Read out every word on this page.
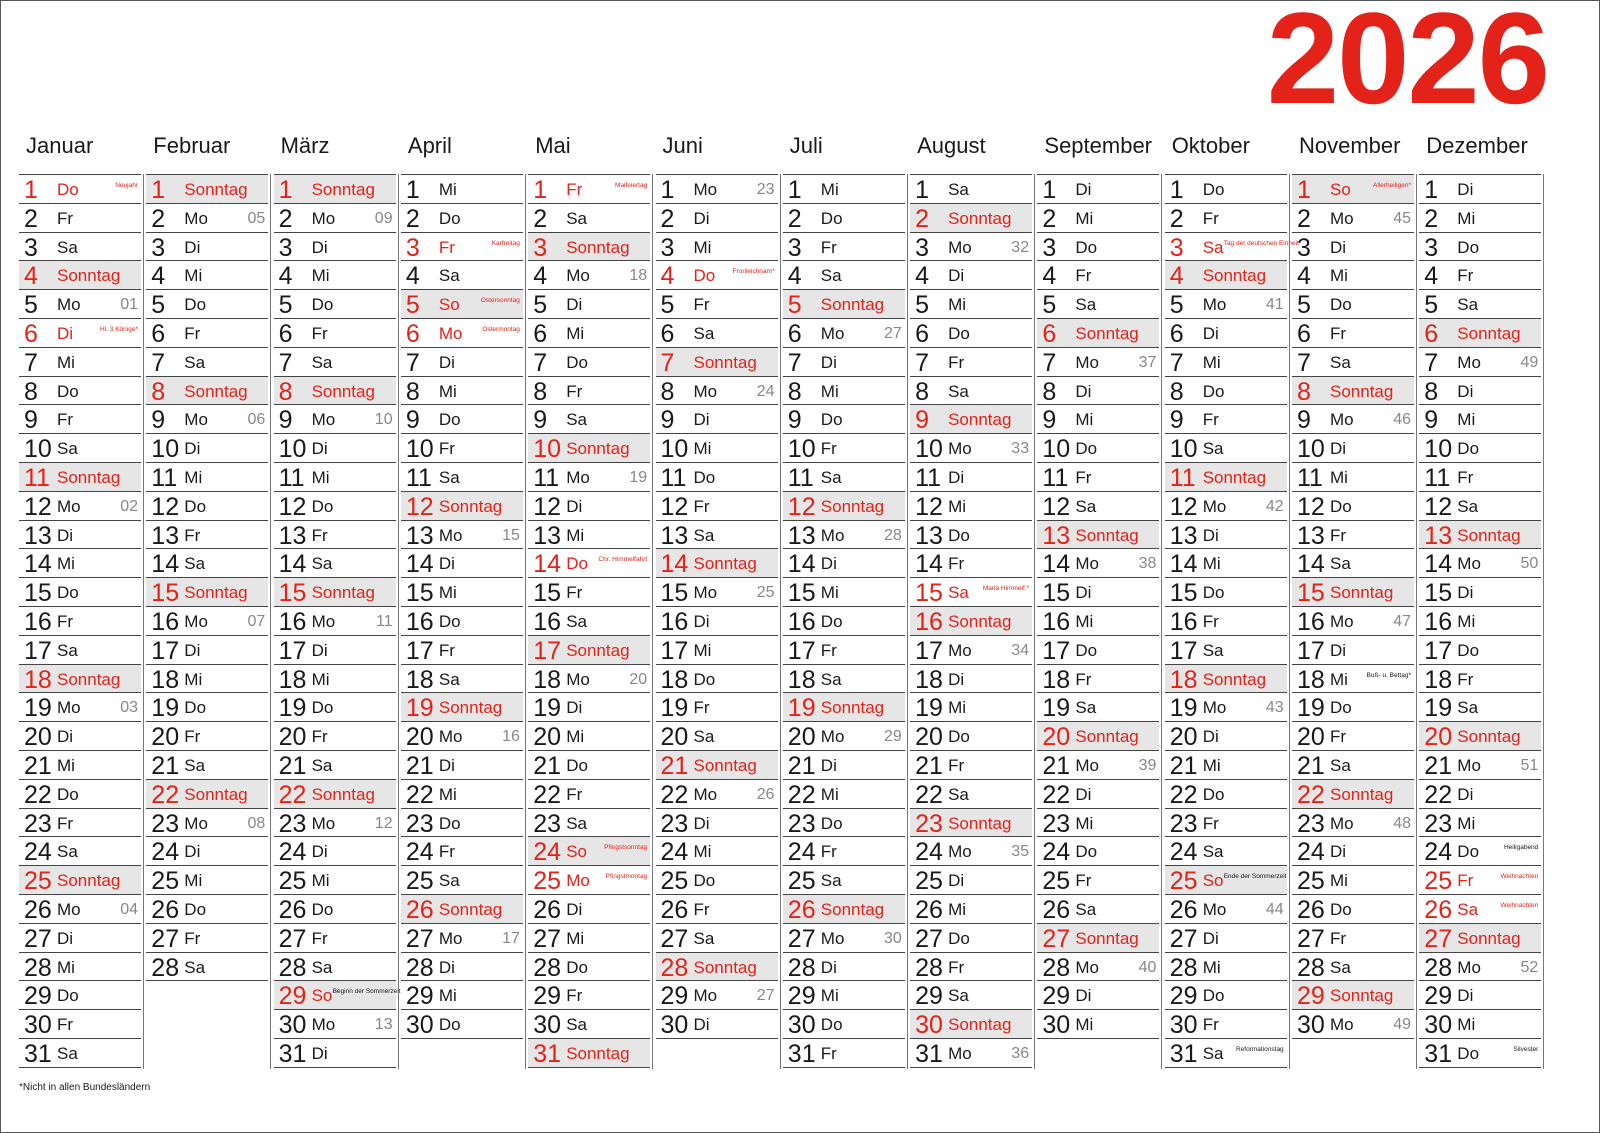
2026
Januar
1 Do	Neujahr
2 Fr
3 Sa
4 Sonntag
5 Mo 01
6 Di	Hl. 3 Könige*
7 Mi
8 Do
9 Fr
10 Sa
11 Sonntag
12 Mo 02
13 Di
14 Mi
15 Do
16 Fr
17 Sa
18 Sonntag
19 Mo 03
20 Di
21 Mi
22 Do
23 Fr
24 Sa
25 Sonntag
26 Mo 04
27 Di
28 Mi
29 Do
30 Fr
31 Sa
Februar
1 Sonntag
2 Mo 05
3 Di
4 Mi
5 Do
6 Fr
7 Sa
8 Sonntag
9 Mo 06
10 Di
11 Mi
12 Do
13 Fr
14 Sa
15 Sonntag
16 Mo 07
17 Di
18 Mi
19 Do
20 Fr
21 Sa
22 Sonntag
23 Mo 08
24 Di
25 Mi
26 Do
27 Fr
28 Sa
März
1 Sonntag
2 Mo 09
3 Di
4 Mi
5 Do
6 Fr
7 Sa
8 Sonntag
9 Mo 10
10 Di
11 Mi
12 Do
13 Fr
14 Sa
15 Sonntag
16 Mo	11
17 Di
18 Mi
19 Do
20 Fr
21 Sa
22 Sonntag
23 Mo 12
24 Di
25 Mi
26 Do
27 Fr
28 Sa
29 So Beginn der Sommerzeit
30 Mo 13
31 Di
April
1 Mi
2 Do
3 Fr	Karfreitag
4 Sa
5 So	Ostersonntag
6 Mo	Ostermontag
7 Di
8 Mi
9 Do
10 Fr
11 Sa
12 Sonntag
13 Mo 15
14 Di
15 Mi
16 Do
17 Fr
18 Sa
19 Sonntag
20 Mo 16
21 Di
22 Mi
23 Do
24 Fr
25 Sa
26 Sonntag
27 Mo 17
28 Di
29 Mi
30 Do
Mai
1 Fr	Maifeiertag
2 Sa
3 Sonntag
4 Mo 18
5 Di
6 Mi
7 Do
8 Fr
9 Sa
10 Sonntag
11 Mo 19
12 Di
13 Mi
14 Do Chr. Himmelfahrt
15 Fr
16 Sa
17 Sonntag
18 Mo 20
19 Di
20 Mi
21 Do
22 Fr
23 Sa
24 So	Pfingstsonntag
25 Mo Pfingstmontag
26 Di
27 Mi
28 Do
29 Fr
30 Sa
31 Sonntag
Juni
1 Mo 23
2 Di
3 Mi
4 Do	Fronleichnam*
5 Fr
6 Sa
7 Sonntag
8 Mo 24
9 Di
10 Mi
11 Do
12 Fr
13 Sa
14 Sonntag
15 Mo 25
16 Di
17 Mi
18 Do
19 Fr
20 Sa
21 Sonntag
22 Mo 26
23 Di
24 Mi
25 Do
26 Fr
27 Sa
28 Sonntag
29 Mo 27
30 Di
Juli
1 Mi
2 Do
3 Fr
4 Sa
5 Sonntag
6 Mo 27
7 Di
8 Mi
9 Do
10 Fr
11 Sa
12 Sonntag
13 Mo 28
14 Di
15 Mi
16 Do
17 Fr
18 Sa
19 Sonntag
20 Mo 29
21 Di
22 Mi
23 Do
24 Fr
25 Sa
26 Sonntag
27 Mo 30
28 Di
29 Mi
30 Do
31 Fr
August
1 Sa
2 Sonntag
3 Mo 32
4 Di
5 Mi
6 Do
7 Fr
8 Sa
9 Sonntag
10 Mo 33
11 Di
12 Mi
13 Do
14 Fr
15 Sa Mariä Himmelf.*
16 Sonntag
17 Mo 34
18 Di
19 Mi
20 Do
21 Fr
22 Sa
23 Sonntag
24 Mo 35
25 Di
26 Mi
27 Do
28 Fr
29 Sa
30 Sonntag
31 Mo 36
September
1 Di
2 Mi
3 Do
4 Fr
5 Sa
6 Sonntag
7 Mo 37
8 Di
9 Mi
10 Do
11 Fr
12 Sa
13 Sonntag
14 Mo 38
15 Di
16 Mi
17 Do
18 Fr
19 Sa
20 Sonntag
21 Mo 39
22 Di
23 Mi
24 Do
25 Fr
26 Sa
27 Sonntag
28 Mo 40
29 Di
30 Mi
Oktober
1 Do
2 Fr
3 Sa Tag der deutschen Einheit
4 Sonntag
5 Mo 41
6 Di
7 Mi
8 Do
9 Fr
10 Sa
11 Sonntag
12 Mo 42
13 Di
14 Mi
15 Do
16 Fr
17 Sa
18 Sonntag
19 Mo 43
20 Di
21 Mi
22 Do
23 Fr
24 Sa
25 So Ende der Sommerzeit
26 Mo 44
27 Di
28 Mi
29 Do
30 Fr
31 Sa Reformationstag
November
1 So	Allerheiligen*
2 Mo 45
3 Di
4 Mi
5 Do
6 Fr
7 Sa
8 Sonntag
9 Mo 46
10 Di
11 Mi
12 Do
13 Fr
14 Sa
15 Sonntag
16 Mo 47
17 Di
18 Mi	Buß- u. Bettag*
19 Do
20 Fr
21 Sa
22 Sonntag
23 Mo 48
24 Di
25 Mi
26 Do
27 Fr
28 Sa
29 Sonntag
30 Mo 49
Dezember
1 Di
2 Mi
3 Do
4 Fr
5 Sa
6 Sonntag
7 Mo 49
8 Di
9 Mi
10 Do
11 Fr
12 Sa
13 Sonntag
14 Mo 50
15 Di
16 Mi
17 Do
18 Fr
19 Sa
20 Sonntag
21 Mo 51
22 Di
23 Mi
24 Do	Heiligabend
25 Fr	Weihnachten
26 Sa	Weihnachten
27 Sonntag
28 Mo 52
29 Di
30 Mi
31 Do	Silvester
*Nicht in allen Bundesländern
